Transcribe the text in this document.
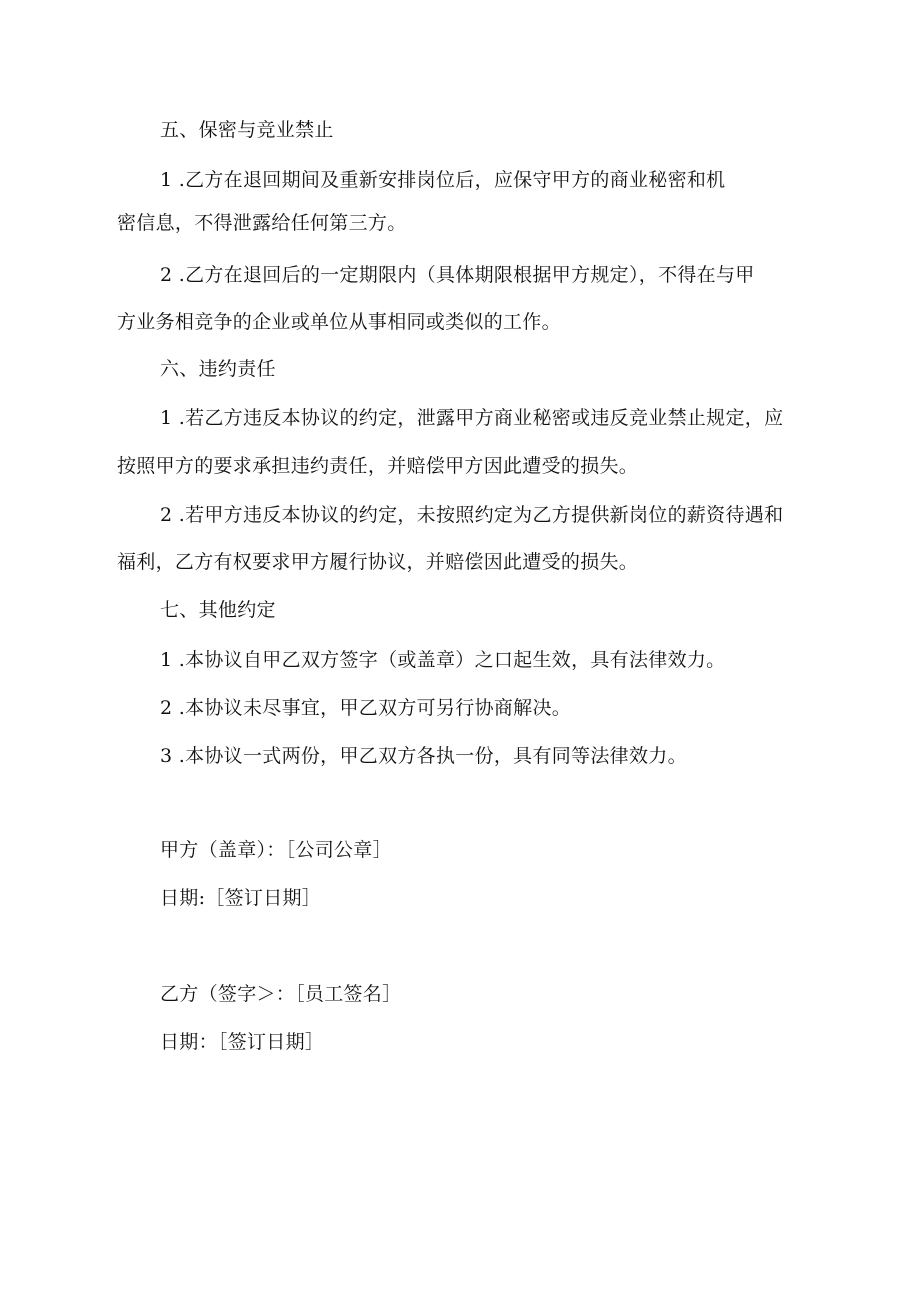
五、保密与竞业禁止
1 .乙方在退回期间及重新安排岗位后，应保守甲方的商业秘密和机
密信息，不得泄露给任何第三方。
2 .乙方在退回后的一定期限内（具体期限根据甲方规定），不得在与甲
方业务相竞争的企业或单位从事相同或类似的工作。
六、违约责任
1 .若乙方违反本协议的约定，泄露甲方商业秘密或违反竞业禁止规定，应
按照甲方的要求承担违约责任，并赔偿甲方因此遭受的损失。
2 .若甲方违反本协议的约定，未按照约定为乙方提供新岗位的薪资待遇和
福利，乙方有权要求甲方履行协议，并赔偿因此遭受的损失。
七、其他约定
1 .本协议自甲乙双方签字（或盖章）之口起生效，具有法律效力。
2 .本协议未尽事宜，甲乙双方可另行协商解决。
3 .本协议一式两份，甲乙双方各执一份，具有同等法律效力。
甲方（盖章）：［公司公章］
日期:［签订日期］
乙方（签字＞：［员工签名］
日期：［签订日期］
